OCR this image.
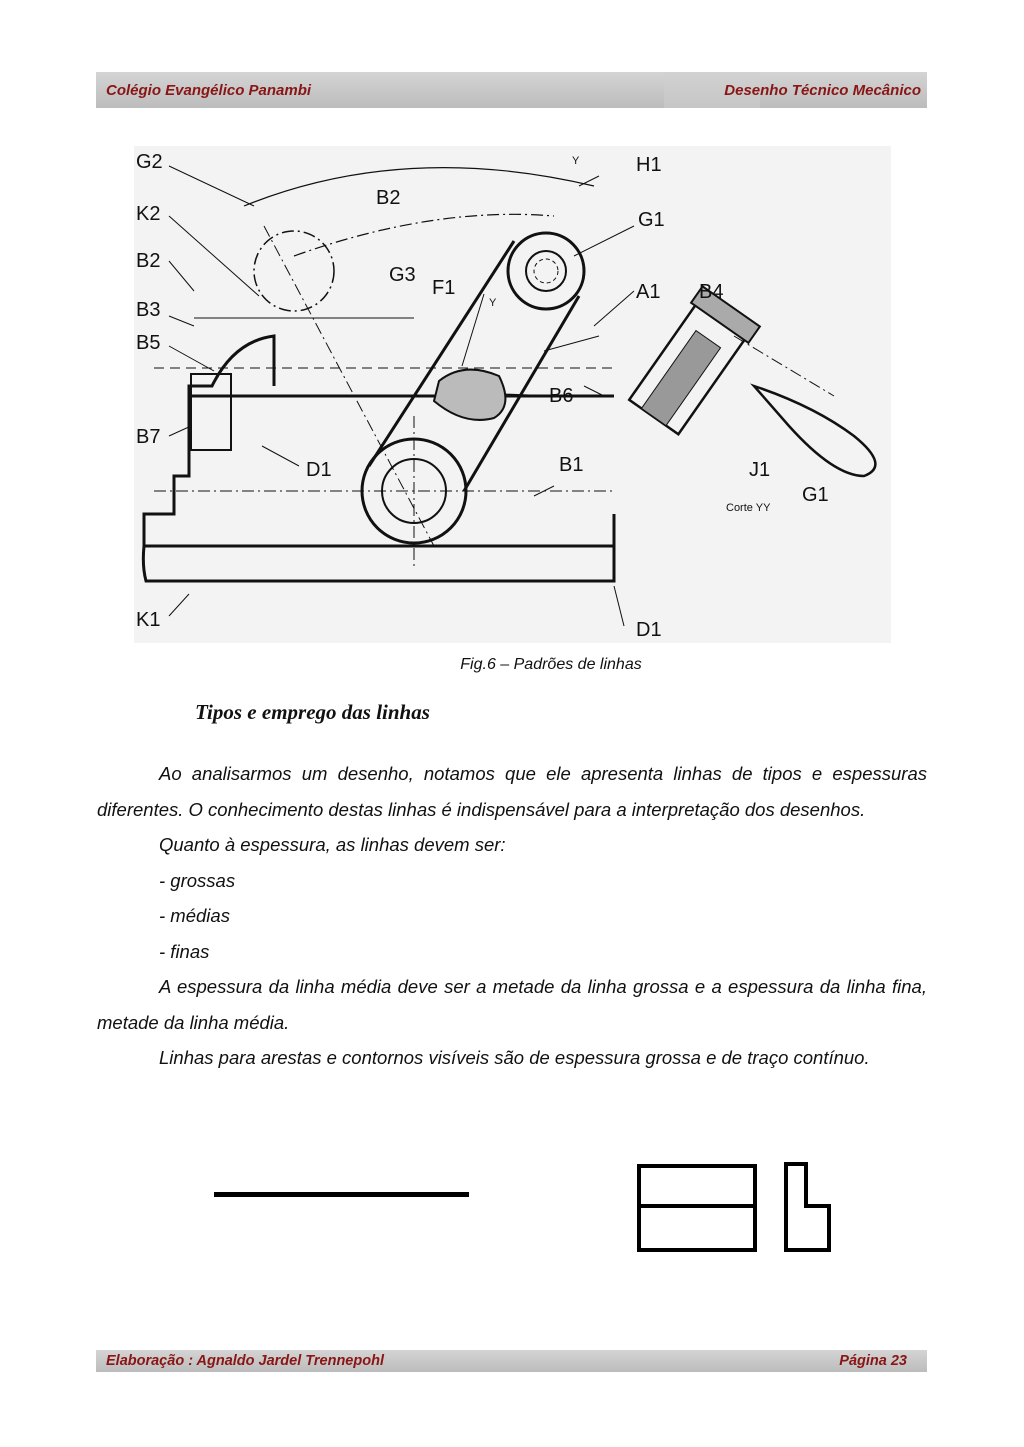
Colégio Evangélico Panambi	Desenho Técnico Mecânico
G2
K2
B2
B3
B5
B7
K1
B2
G3
F1
H1
G1
A1 B4
B6
D1	B1	J1
G1
D1
Y
Y
Corte YY
Fig.6 – Padrões de linhas
Tipos e emprego das linhas

Ao analisarmos um desenho, notamos que ele apresenta linhas de tipos e espessuras diferentes. O conhecimento destas linhas é indispensável para a interpretação dos desenhos.

Quanto à espessura, as linhas devem ser:

- grossas

- médias

- finas

A espessura da linha média deve ser a metade da linha grossa e a espessura da linha fina, metade da linha média.

Linhas para arestas e contornos visíveis são de espessura grossa e de traço contínuo.

Elaboração : Agnaldo Jardel Trennepohl	Página 23
